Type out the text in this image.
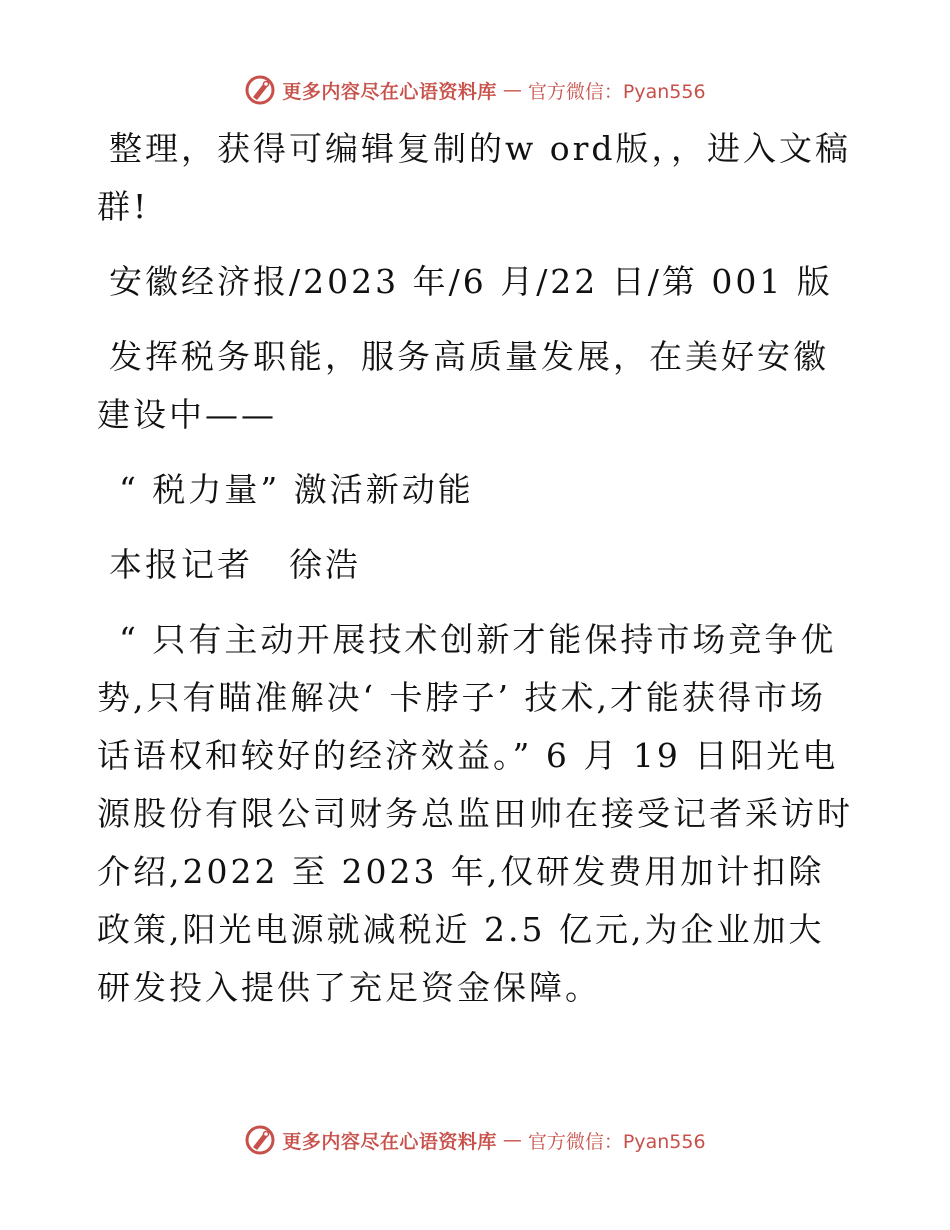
更多内容尽在心语资料库 — 官方微信：Pyan556

整理，获得可编辑复制的w ord版，，进入文稿群!

安徽经济报/2023 年/6 月/22 日/第 001 版

发挥税务职能，服务高质量发展，在美好安徽建设中——

“ 税力量” 激活新动能

本报记者　徐浩

“ 只有主动开展技术创新才能保持市场竞争优势,只有瞄准解决‘ 卡脖子’ 技术,才能获得市场话语权和较好的经济效益。” 6 月 19 日阳光电源股份有限公司财务总监田帅在接受记者采访时介绍,2022 至 2023 年,仅研发费用加计扣除政策,阳光电源就减税近 2.5 亿元,为企业加大研发投入提供了充足资金保障。

更多内容尽在心语资料库 — 官方微信：Pyan556
